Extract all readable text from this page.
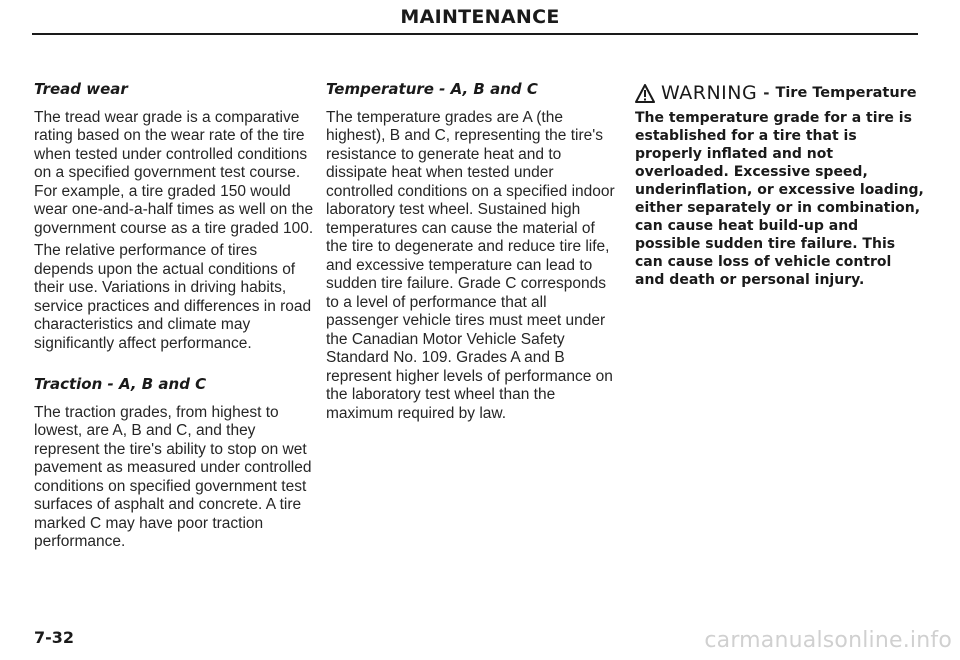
MAINTENANCE
Tread wear
The tread wear grade is a comparative rating based on the wear rate of the tire when tested under controlled conditions on a specified government test course. For example, a tire graded 150 would wear one-and-a-half times as well on the government course as a tire graded 100.
The relative performance of tires depends upon the actual conditions of their use. Variations in driving habits, service practices and differences in road characteristics and climate may significantly affect performance.
Traction - A, B and C
The traction grades, from highest to lowest, are A, B and C, and they represent the tire's ability to stop on wet pavement as measured under controlled conditions on specified government test surfaces of asphalt and concrete. A tire marked C may have poor traction performance.
Temperature - A, B and C
The temperature grades are A (the highest), B and C, representing the tire's resistance to generate heat and to dissipate heat when tested under controlled conditions on a specified indoor laboratory test wheel. Sustained high temperatures can cause the material of the tire to degenerate and reduce tire life, and excessive temperature can lead to sudden tire failure. Grade C corresponds to a level of performance that all passenger vehicle tires must meet under the Canadian Motor Vehicle Safety Standard No. 109. Grades A and B represent higher levels of performance on the laboratory test wheel than the maximum required by law.
WARNING - Tire Temperature
The temperature grade for a tire is established for a tire that is properly inflated and not overloaded. Excessive speed, underinflation, or excessive loading, either separately or in combination, can cause heat build-up and possible sudden tire failure. This can cause loss of vehicle control and death or personal injury.
7-32	carmanualsonline.info
